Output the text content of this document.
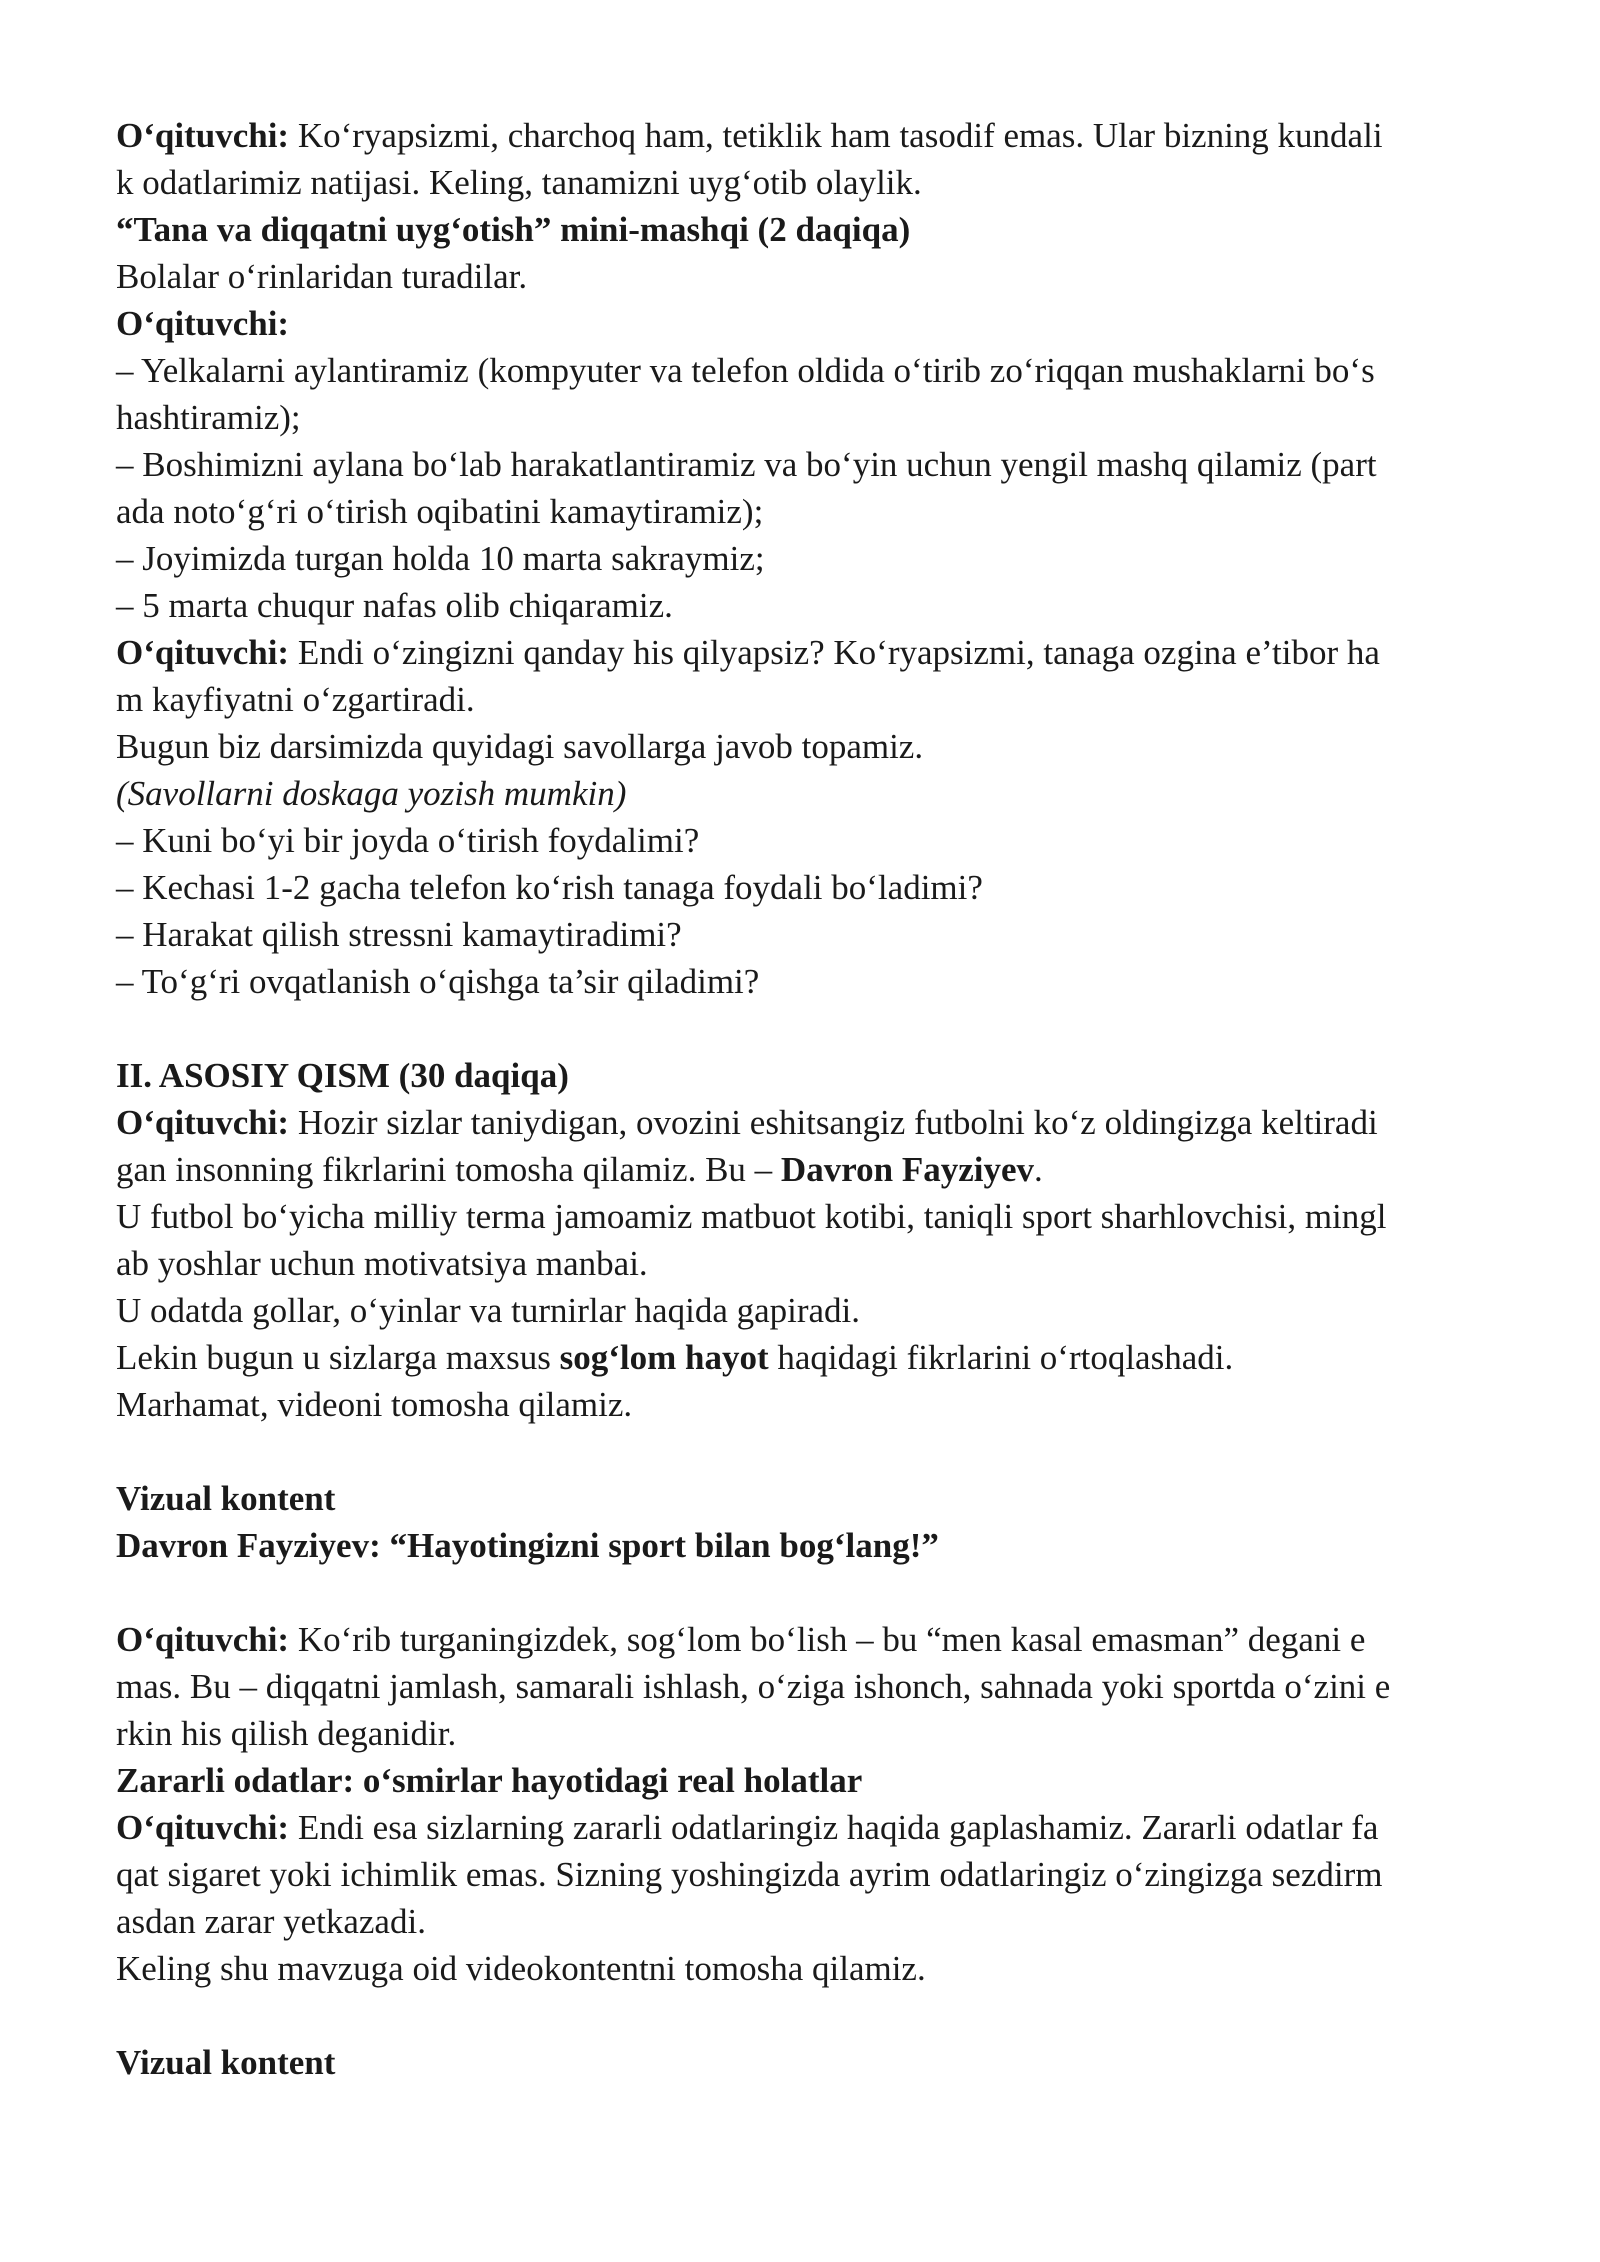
O‘qituvchi: Ko‘ryapsizmi, charchoq ham, tetiklik ham tasodif emas. Ular bizning kundali
k odatlarimiz natijasi. Keling, tanamizni uyg‘otib olaylik.
“Tana va diqqatni uyg‘otish” mini-mashqi (2 daqiqa)
Bolalar o‘rinlaridan turadilar.
O‘qituvchi:
– Yelkalarni aylantiramiz (kompyuter va telefon oldida o‘tirib zo‘riqqan mushaklarni bo‘s
hashtiramiz);
– Boshimizni aylana bo‘lab harakatlantiramiz va bo‘yin uchun yengil mashq qilamiz (part
ada noto‘g‘ri o‘tirish oqibatini kamaytiramiz);
– Joyimizda turgan holda 10 marta sakraymiz;
– 5 marta chuqur nafas olib chiqaramiz.
O‘qituvchi: Endi o‘zingizni qanday his qilyapsiz? Ko‘ryapsizmi, tanaga ozgina e’tibor ha
m kayfiyatni o‘zgartiradi.
Bugun biz darsimizda quyidagi savollarga javob topamiz.
(Savollarni doskaga yozish mumkin)
– Kuni bo‘yi bir joyda o‘tirish foydalimi?
– Kechasi 1-2 gacha telefon ko‘rish tanaga foydali bo‘ladimi?
– Harakat qilish stressni kamaytiradimi?
– To‘g‘ri ovqatlanish o‘qishga ta’sir qiladimi?
II. ASOSIY QISM (30 daqiqa)
O‘qituvchi: Hozir sizlar taniydigan, ovozini eshitsangiz futbolni ko‘z oldingizga keltiradi
gan insonning fikrlarini tomosha qilamiz. Bu – Davron Fayziyev.
U futbol bo‘yicha milliy terma jamoamiz matbuot kotibi, taniqli sport sharhlovchisi, mingl
ab yoshlar uchun motivatsiya manbai.
U odatda gollar, o‘yinlar va turnirlar haqida gapiradi.
Lekin bugun u sizlarga maxsus sog‘lom hayot haqidagi fikrlarini o‘rtoqlashadi.
Marhamat, videoni tomosha qilamiz.
Vizual kontent
Davron Fayziyev: “Hayotingizni sport bilan bog‘lang!”
O‘qituvchi: Ko‘rib turganingizdek, sog‘lom bo‘lish – bu “men kasal emasman” degani e
mas. Bu – diqqatni jamlash, samarali ishlash, o‘ziga ishonch, sahnada yoki sportda o‘zini e
rkin his qilish deganidir.
Zararli odatlar: o‘smirlar hayotidagi real holatlar
O‘qituvchi: Endi esa sizlarning zararli odatlaringiz haqida gaplashamiz. Zararli odatlar fa
qat sigaret yoki ichimlik emas. Sizning yoshingizda ayrim odatlaringiz o‘zingizga sezdirm
asdan zarar yetkazadi.
Keling shu mavzuga oid videokontentni tomosha qilamiz.
Vizual kontent
